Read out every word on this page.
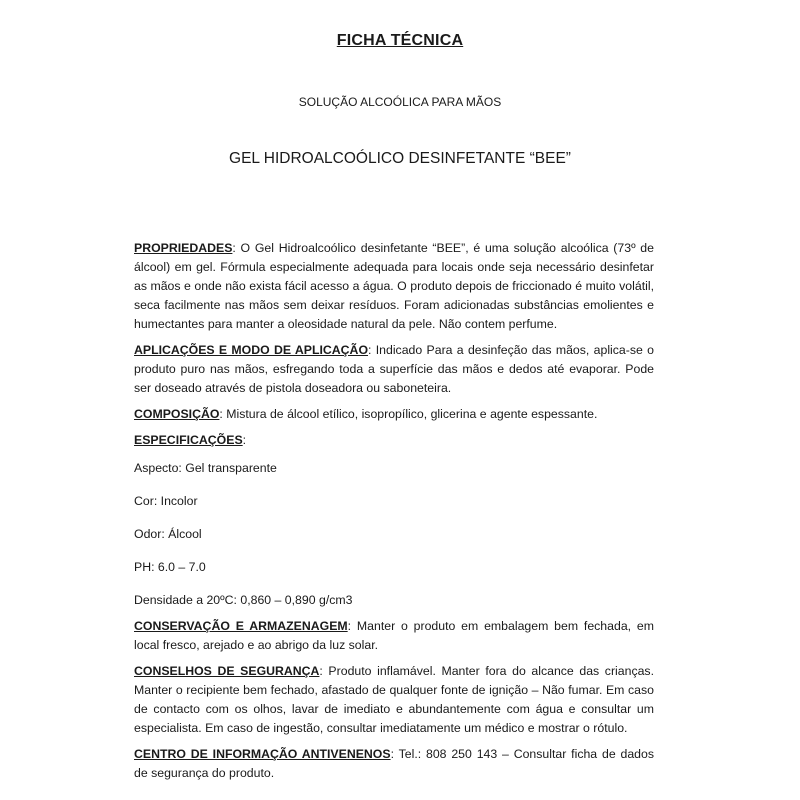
FICHA TÉCNICA
SOLUÇÃO ALCOÓLICA PARA MÃOS
GEL HIDROALCOÓLICO DESINFETANTE “BEE”

PROPRIEDADES: O Gel Hidroalcoólico desinfetante “BEE”, é uma solução alcoólica (73º de álcool) em gel. Fórmula especialmente adequada para locais onde seja necessário desinfetar as mãos e onde não exista fácil acesso a água. O produto depois de friccionado é muito volátil, seca facilmente nas mãos sem deixar resíduos. Foram adicionadas substâncias emolientes e humectantes para manter a oleosidade natural da pele. Não contem perfume.

APLICAÇÕES E MODO DE APLICAÇÃO: Indicado Para a desinfeção das mãos, aplica-se o produto puro nas mãos, esfregando toda a superfície das mãos e dedos até evaporar. Pode ser doseado através de pistola doseadora ou saboneteira.

COMPOSIÇÃO: Mistura de álcool etílico, isopropílico, glicerina e agente espessante.

ESPECIFICAÇÕES:

Aspecto: Gel transparente

Cor: Incolor

Odor: Álcool

PH: 6.0 – 7.0

Densidade a 20ºC: 0,860 – 0,890 g/cm3

CONSERVAÇÃO E ARMAZENAGEM: Manter o produto em embalagem bem fechada, em local fresco, arejado e ao abrigo da luz solar.

CONSELHOS DE SEGURANÇA: Produto inflamável. Manter fora do alcance das crianças. Manter o recipiente bem fechado, afastado de qualquer fonte de ignição – Não fumar. Em caso de contacto com os olhos, lavar de imediato e abundantemente com água e consultar um especialista. Em caso de ingestão, consultar imediatamente um médico e mostrar o rótulo.

CENTRO DE INFORMAÇÃO ANTIVENENOS: Tel.: 808 250 143 – Consultar ficha de dados de segurança do produto.
